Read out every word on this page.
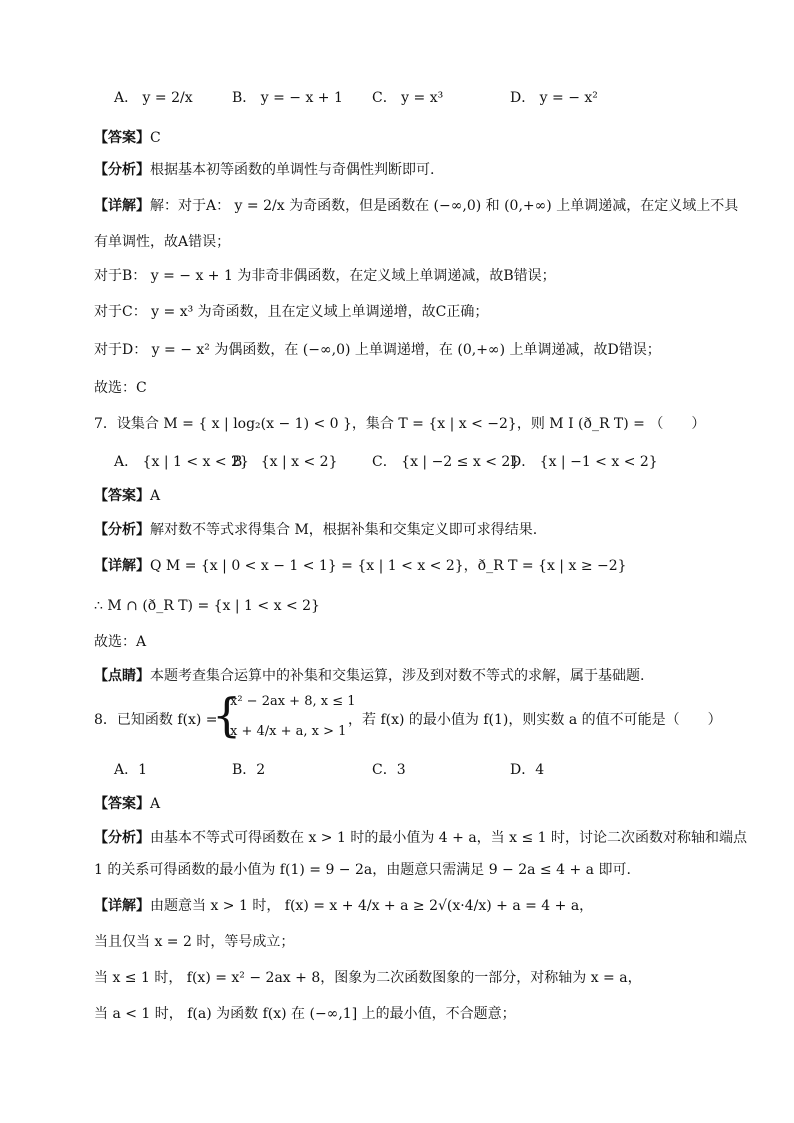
A． y = 2/x	B． y = − x + 1 C． y = x³	D． y = − x²
【答案】C
【分析】根据基本初等函数的单调性与奇偶性判断即可.
【详解】解：对于A： y = 2/x 为奇函数，但是函数在 (−∞,0) 和 (0,+∞) 上单调递减，在定义域上不具
有单调性，故A错误；
对于B： y = − x + 1 为非奇非偶函数，在定义域上单调递减，故B错误；
对于C： y = x³ 为奇函数，且在定义域上单调递增，故C正确；
对于D： y = − x² 为偶函数，在 (−∞,0) 上单调递增，在 (0,+∞) 上单调递减，故D错误；
故选：C
7．设集合 M = { x | log₂(x − 1) < 0 }，集合 T = {x | x < −2}，则 M I (ð_R T) = （　　）
A． {x | 1 < x < 2}
B． {x | x < 2} C． {x | −2 ≤ x < 2}
D． {x | −1 < x < 2}
【答案】A
【分析】解对数不等式求得集合 M，根据补集和交集定义即可求得结果.
【详解】Q M = {x | 0 < x − 1 < 1} = {x | 1 < x < 2}，ð_R T = {x | x ≥ −2}
∴ M ∩ (ð_R T) = {x | 1 < x < 2}
故选：A
【点睛】本题考查集合运算中的补集和交集运算，涉及到对数不等式的求解，属于基础题.
8．已知函数 f(x) =
{
x² − 2ax + 8, x ≤ 1
x + 4/x + a, x > 1
，若 f(x) 的最小值为 f(1)，则实数 a 的值不可能是（　　）
A．1	B．2	C．3	D．4
【答案】A
【分析】由基本不等式可得函数在 x > 1 时的最小值为 4 + a，当 x ≤ 1 时，讨论二次函数对称轴和端点
1 的关系可得函数的最小值为 f(1) = 9 − 2a，由题意只需满足 9 − 2a ≤ 4 + a 即可.
【详解】由题意当 x > 1 时， f(x) = x + 4/x + a ≥ 2√(x·4/x) + a = 4 + a，
当且仅当 x = 2 时，等号成立；
当 x ≤ 1 时， f(x) = x² − 2ax + 8，图象为二次函数图象的一部分，对称轴为 x = a，
当 a < 1 时， f(a) 为函数 f(x) 在 (−∞,1] 上的最小值，不合题意；
